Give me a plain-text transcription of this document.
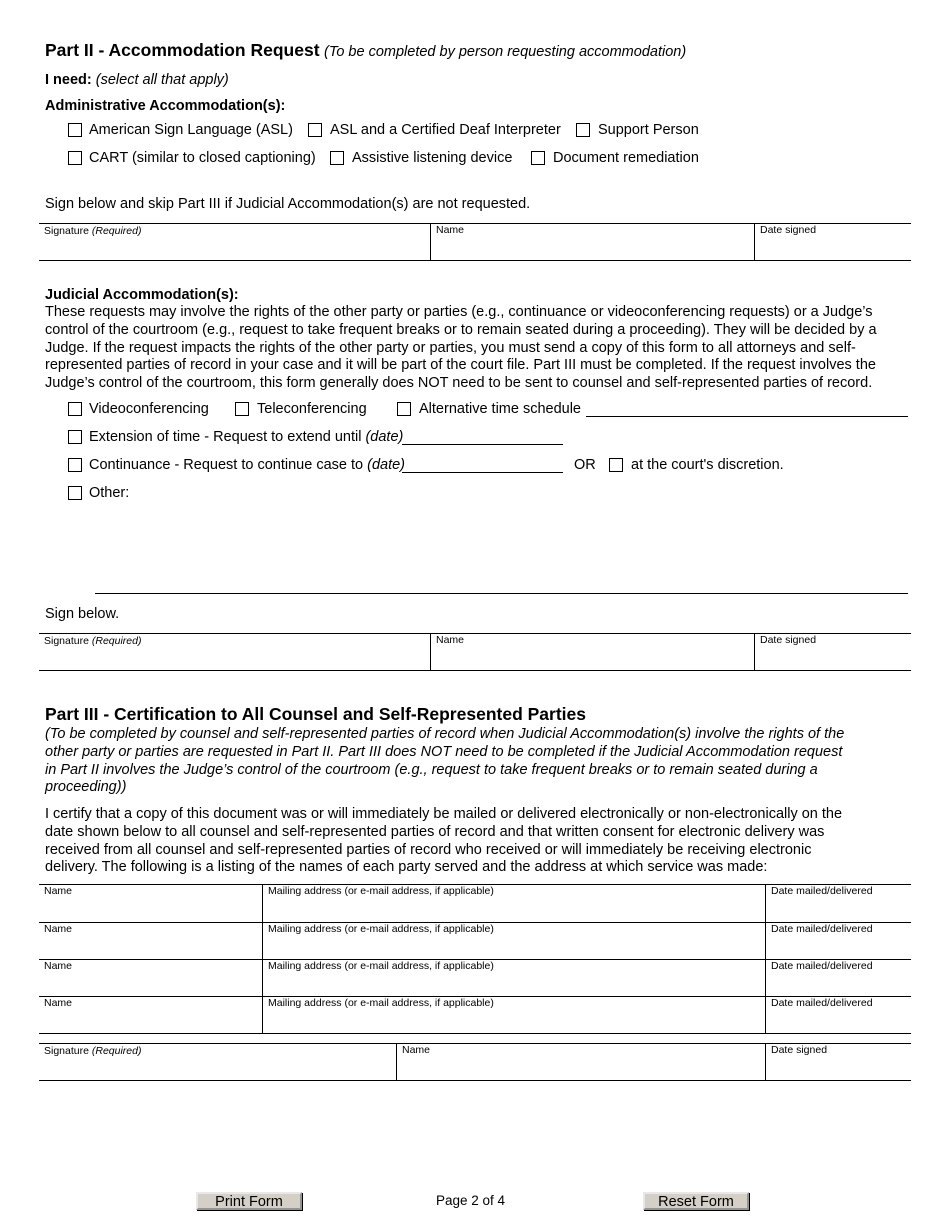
Part II - Accommodation Request (To be completed by person requesting accommodation)
I need: (select all that apply)
Administrative Accommodation(s):
American Sign Language (ASL)	ASL and a Certified Deaf Interpreter	Support Person
CART (similar to closed captioning)	Assistive listening device	Document remediation
Sign below and skip Part III if Judicial Accommodation(s) are not requested.
Signature (Required)	Name	Date signed
Judicial Accommodation(s):
These requests may involve the rights of the other party or parties (e.g., continuance or videoconferencing requests) or a Judge’s
control of the courtroom (e.g., request to take frequent breaks or to remain seated during a proceeding). They will be decided by a
Judge. If the request impacts the rights of the other party or parties, you must send a copy of this form to all attorneys and self-
represented parties of record in your case and it will be part of the court file. Part III must be completed. If the request involves the
Judge’s control of the courtroom, this form generally does NOT need to be sent to counsel and self-represented parties of record.
Videoconferencing	Teleconferencing	Alternative time schedule
Extension of time - Request to extend until (date)
Continuance - Request to continue case to (date)	OR at the court's discretion.
Other:
Sign below.
Signature (Required)	Name	Date signed
Part III - Certification to All Counsel and Self-Represented Parties
(To be completed by counsel and self-represented parties of record when Judicial Accommodation(s) involve the rights of the
other party or parties are requested in Part II. Part III does NOT need to be completed if the Judicial Accommodation request
in Part II involves the Judge’s control of the courtroom (e.g., request to take frequent breaks or to remain seated during a
proceeding))
I certify that a copy of this document was or will immediately be mailed or delivered electronically or non-electronically on the
date shown below to all counsel and self-represented parties of record and that written consent for electronic delivery was
received from all counsel and self-represented parties of record who received or will immediately be receiving electronic
delivery. The following is a listing of the names of each party served and the address at which service was made:
Name	Mailing address (or e-mail address, if applicable)	Date mailed/delivered
Name	Mailing address (or e-mail address, if applicable)	Date mailed/delivered
Name	Mailing address (or e-mail address, if applicable)	Date mailed/delivered
Name	Mailing address (or e-mail address, if applicable)	Date mailed/delivered
Signature (Required)	Name	Date signed
Print Form	Page 2 of 4	Reset Form
